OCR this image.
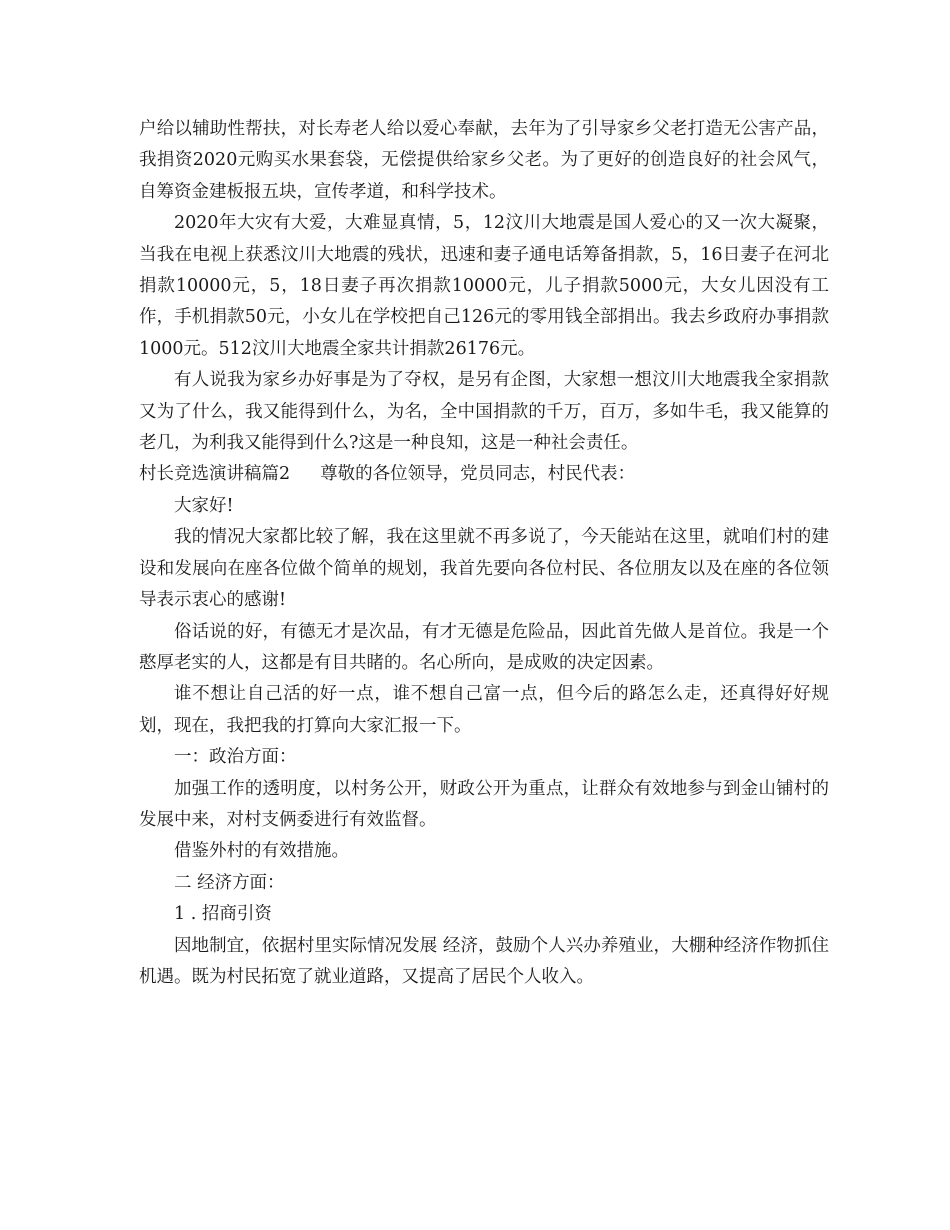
户给以辅助性帮扶，对长寿老人给以爱心奉献，去年为了引导家乡父老打造无公害产品，我捐资2020元购买水果套袋，无偿提供给家乡父老。为了更好的创造良好的社会风气，自筹资金建板报五块，宣传孝道，和科学技术。

2020年大灾有大爱，大难显真情，5，12汶川大地震是国人爱心的又一次大凝聚，当我在电视上获悉汶川大地震的残状，迅速和妻子通电话筹备捐款，5，16日妻子在河北捐款10000元，5，18日妻子再次捐款10000元，儿子捐款5000元，大女儿因没有工作，手机捐款50元，小女儿在学校把自己126元的零用钱全部捐出。我去乡政府办事捐款1000元。512汶川大地震全家共计捐款26176元。

有人说我为家乡办好事是为了夺权，是另有企图，大家想一想汶川大地震我全家捐款又为了什么，我又能得到什么，为名，全中国捐款的千万，百万，多如牛毛，我又能算的老几，为利我又能得到什么?这是一种良知，这是一种社会责任。

村长竞选演讲稿篇2 尊敬的各位领导，党员同志，村民代表：

大家好!

我的情况大家都比较了解，我在这里就不再多说了，今天能站在这里，就咱们村的建设和发展向在座各位做个简单的规划，我首先要向各位村民、各位朋友以及在座的各位领导表示衷心的感谢!

俗话说的好，有德无才是次品，有才无德是危险品，因此首先做人是首位。我是一个憨厚老实的人，这都是有目共睹的。名心所向，是成败的决定因素。

谁不想让自己活的好一点，谁不想自己富一点，但今后的路怎么走，还真得好好规划，现在，我把我的打算向大家汇报一下。

一：政治方面：

加强工作的透明度，以村务公开，财政公开为重点，让群众有效地参与到金山铺村的发展中来，对村支俩委进行有效监督。

借鉴外村的有效措施。

二 经济方面：

1 . 招商引资

因地制宜，依据村里实际情况发展 经济，鼓励个人兴办养殖业，大棚种经济作物抓住机遇。既为村民拓宽了就业道路，又提高了居民个人收入。
